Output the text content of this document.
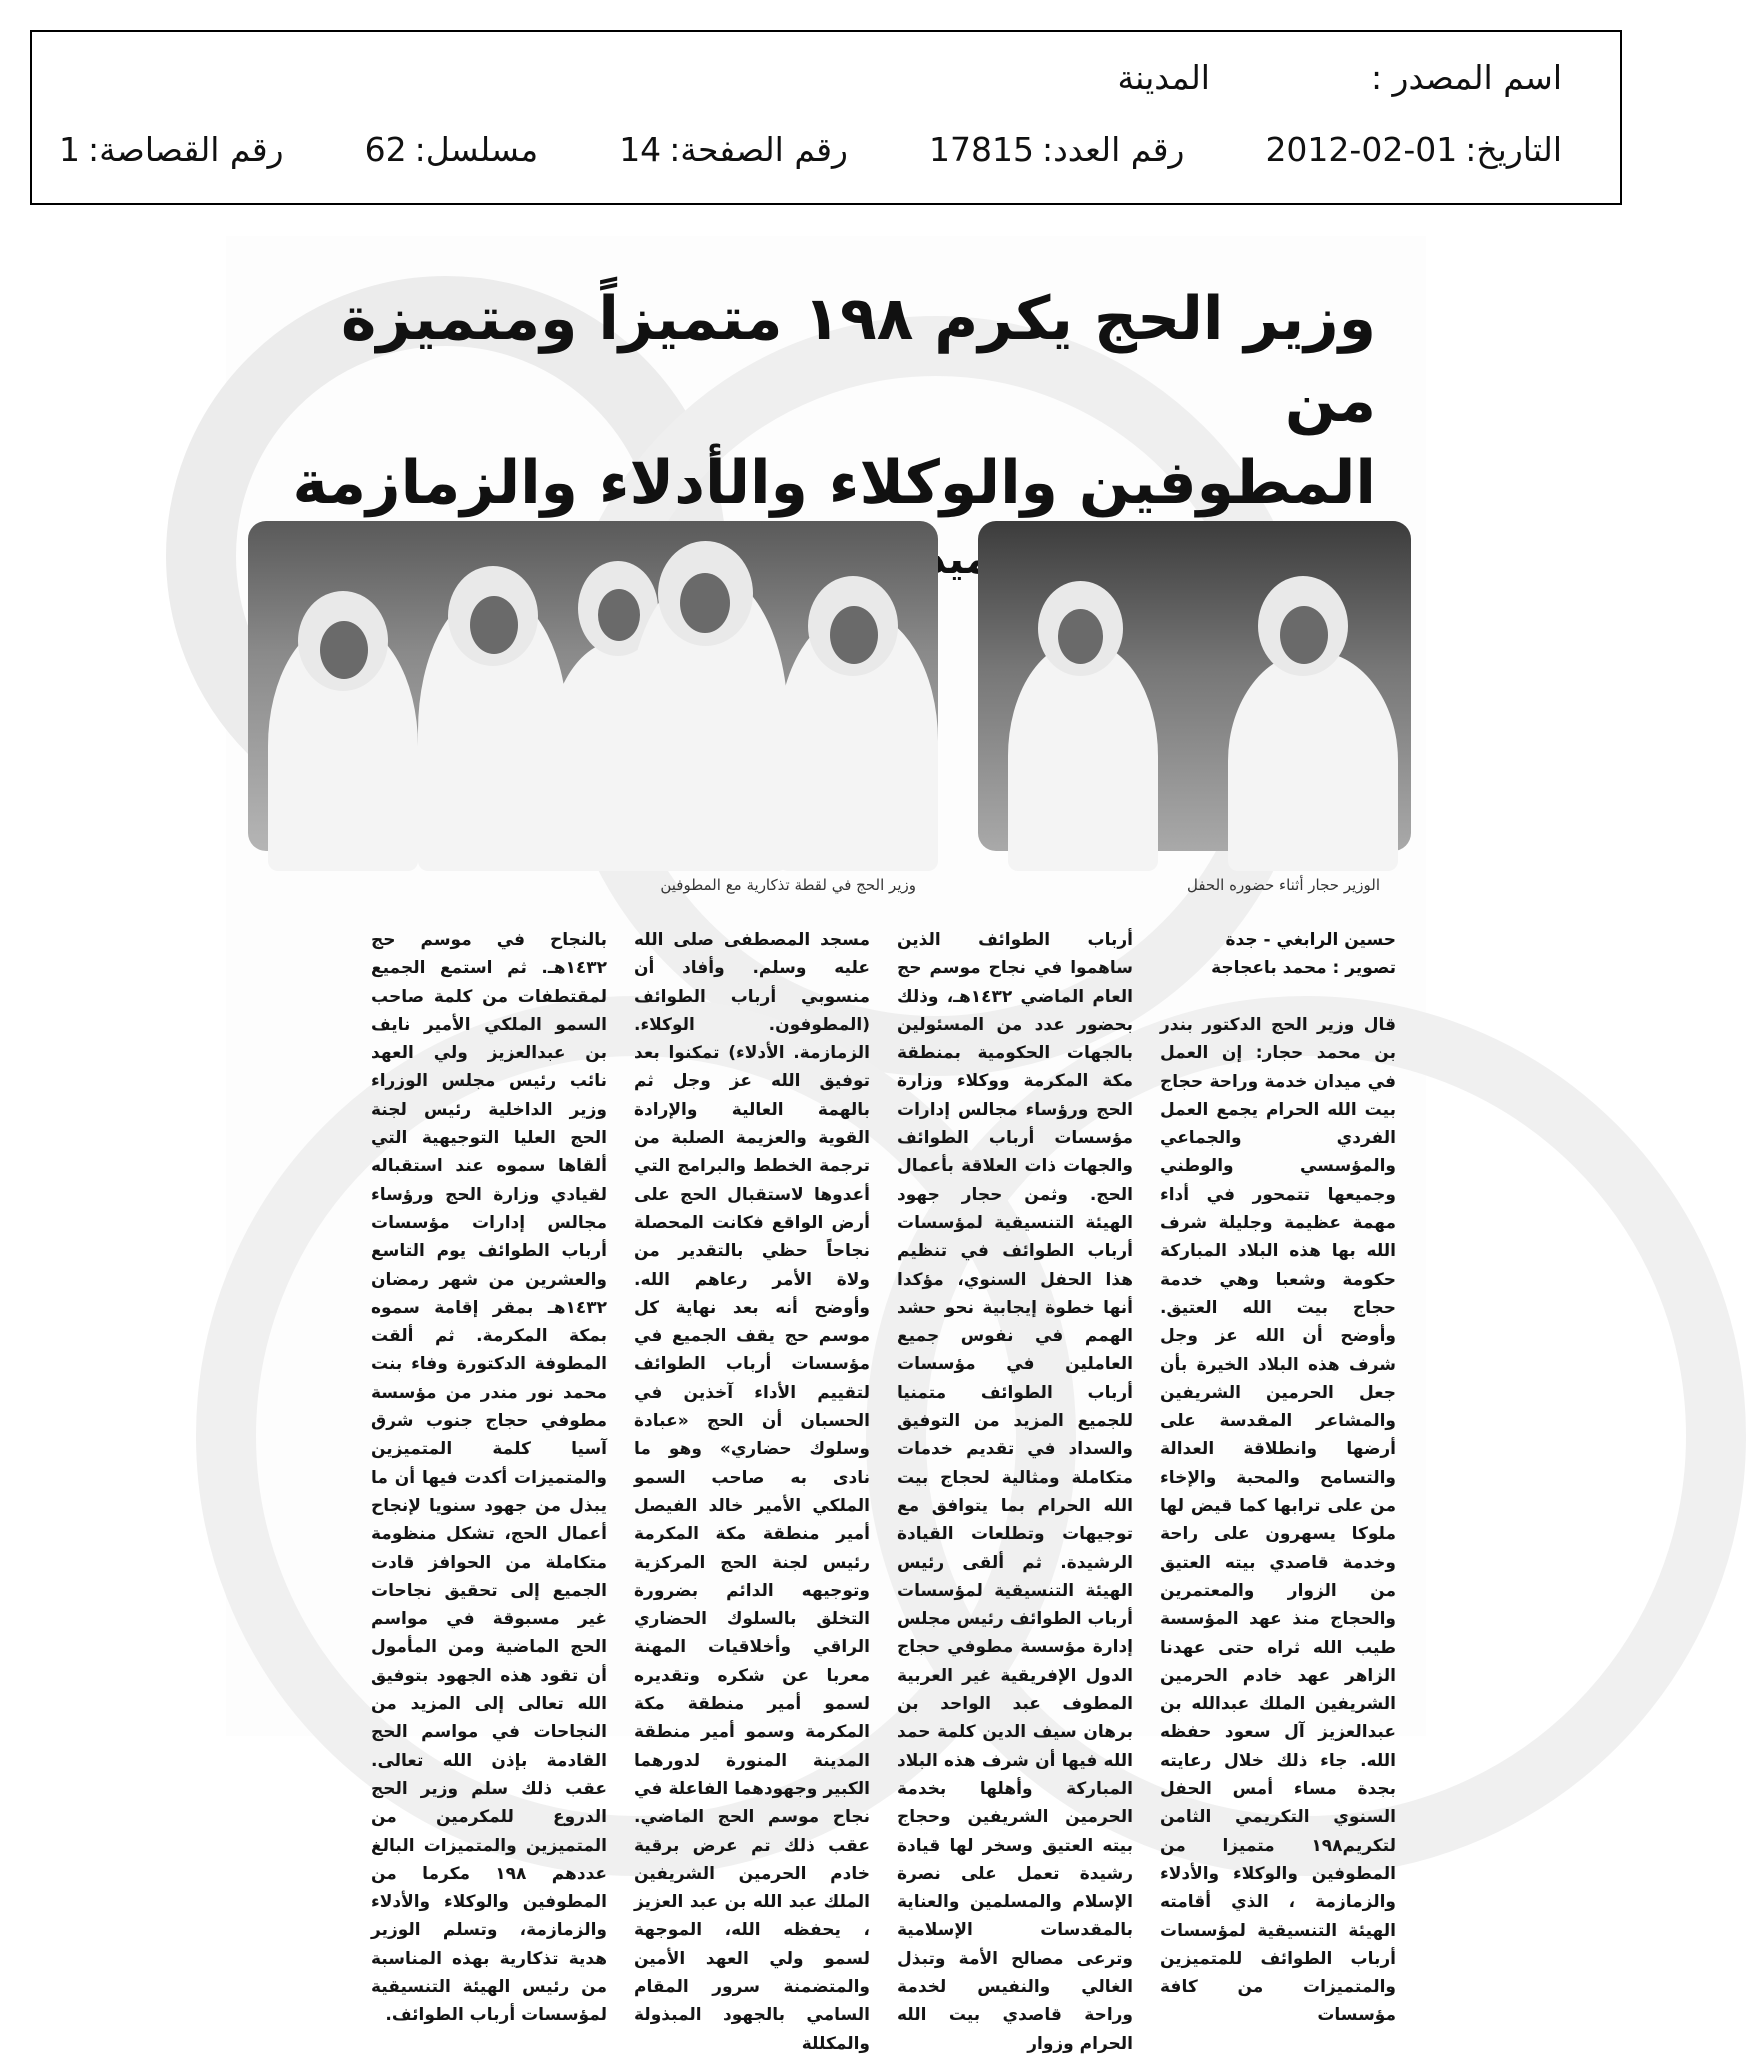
اسم المصدر :  المدينة
التاريخ:2012-02-01  رقم العدد:17815  رقم الصفحة:14  مسلسل:62  رقم القصاصة:1
وزير الحج يكرم ١٩٨ متميزاً ومتميزة من
المطوفين والوكلاء والأدلاء والزمازمة
الوزير حجار أثناء حضوره الحفل
وزير الحج في لقطة تذكارية مع المطوفين
حسين الرابغي - جدة
تصوير : محمد باعجاجة

قال وزير الحج الدكتور بندر بن محمد حجار: إن العمل في ميدان خدمة وراحة حجاج بيت الله الحرام يجمع العمل الفردي والجماعي والمؤسسي والوطني وجميعها تتمحور في أداء مهمة عظيمة وجليلة شرف الله بها هذه البلاد المباركة حكومة وشعبا وهي خدمة حجاج بيت الله العتيق. وأوضح أن الله عز وجل شرف هذه البلاد الخيرة بأن جعل الحرمين الشريفين والمشاعر المقدسة على أرضها وانطلاقة العدالة والتسامح والمحبة والإخاء من على ترابها كما قيض لها ملوكا يسهرون على راحة وخدمة قاصدي بيته العتيق من الزوار والمعتمرين والحجاج منذ عهد المؤسسة طيب الله ثراه حتى عهدنا الزاهر عهد خادم الحرمين الشريفين الملك عبدالله بن عبدالعزيز آل سعود حفظه الله. جاء ذلك خلال رعايته بجدة مساء أمس الحفل السنوي التكريمي الثامن لتكريم١٩٨ متميزا من المطوفين والوكلاء والأدلاء والزمازمة ، الذي أقامته الهيئة التنسيقية لمؤسسات أرباب الطوائف للمتميزين والمتميزات من كافة مؤسسات

أرباب الطوائف الذين ساهموا في نجاح موسم حج العام الماضي ١٤٣٢هـ، وذلك بحضور عدد من المسئولين بالجهات الحكومية بمنطقة مكة المكرمة ووكلاء وزارة الحج ورؤساء مجالس إدارات مؤسسات أرباب الطوائف والجهات ذات العلاقة بأعمال الحج. وثمن حجار جهود الهيئة التنسيقية لمؤسسات أرباب الطوائف في تنظيم هذا الحفل السنوي، مؤكدا أنها خطوة إيجابية نحو حشد الهمم في نفوس جميع العاملين في مؤسسات أرباب الطوائف متمنيا للجميع المزيد من التوفيق والسداد في تقديم خدمات متكاملة ومثالية لحجاج بيت الله الحرام بما يتوافق مع توجيهات وتطلعات القيادة الرشيدة. ثم ألقى رئيس الهيئة التنسيقية لمؤسسات أرباب الطوائف رئيس مجلس إدارة مؤسسة مطوفي حجاج الدول الإفريقية غير العربية المطوف عبد الواحد بن برهان سيف الدين كلمة حمد الله فيها أن شرف هذه البلاد المباركة وأهلها بخدمة الحرمين الشريفين وحجاج بيته العتيق وسخر لها قيادة رشيدة تعمل على نصرة الإسلام والمسلمين والعناية بالمقدسات الإسلامية وترعى مصالح الأمة وتبذل الغالي والنفيس لخدمة وراحة قاصدي بيت الله الحرام وزوار

مسجد المصطفى صلى الله عليه وسلم. وأفاد أن منسوبي أرباب الطوائف (المطوفون. الوكلاء. الزمازمة. الأدلاء) تمكنوا بعد توفيق الله عز وجل ثم بالهمة العالية والإرادة القوية والعزيمة الصلبة من ترجمة الخطط والبرامج التي أعدوها لاستقبال الحج على أرض الواقع فكانت المحصلة نجاحاً حظي بالتقدير من ولاة الأمر رعاهم الله. وأوضح أنه بعد نهاية كل موسم حج يقف الجميع في مؤسسات أرباب الطوائف لتقييم الأداء آخذين في الحسبان أن الحج «عبادة وسلوك حضاري» وهو ما نادى به صاحب السمو الملكي الأمير خالد الفيصل أمير منطقة مكة المكرمة رئيس لجنة الحج المركزية وتوجيهه الدائم بضرورة التخلق بالسلوك الحضاري الراقي وأخلاقيات المهنة معربا عن شكره وتقديره لسمو أمير منطقة مكة المكرمة وسمو أمير منطقة المدينة المنورة لدورهما الكبير وجهودهما الفاعلة في نجاح موسم الحج الماضي. عقب ذلك تم عرض برقية خادم الحرمين الشريفين الملك عبد الله بن عبد العزيز ، يحفظه الله، الموجهة لسمو ولي العهد الأمين والمتضمنة سرور المقام السامي بالجهود المبذولة والمكللة

بالنجاح في موسم حج ١٤٣٢هـ. ثم استمع الجميع لمقتطفات من كلمة صاحب السمو الملكي الأمير نايف بن عبدالعزيز ولي العهد نائب رئيس مجلس الوزراء وزير الداخلية رئيس لجنة الحج العليا التوجيهية التي ألقاها سموه عند استقباله لقيادي وزارة الحج ورؤساء مجالس إدارات مؤسسات أرباب الطوائف يوم التاسع والعشرين من شهر رمضان ١٤٣٢هـ بمقر إقامة سموه بمكة المكرمة. ثم ألقت المطوفة الدكتورة وفاء بنت محمد نور مندر من مؤسسة مطوفي حجاج جنوب شرق آسيا كلمة المتميزين والمتميزات أكدت فيها أن ما يبذل من جهود سنويا لإنجاح أعمال الحج، تشكل منظومة متكاملة من الحوافز قادت الجميع إلى تحقيق نجاحات غير مسبوقة في مواسم الحج الماضية ومن المأمول أن تقود هذه الجهود بتوفيق الله تعالى إلى المزيد من النجاحات في مواسم الحج القادمة بإذن الله تعالى. عقب ذلك سلم وزير الحج الدروع للمكرمين من المتميزين والمتميزات البالغ عددهم ١٩٨ مكرما من المطوفين والوكلاء والأدلاء والزمازمة، وتسلم الوزير هدية تذكارية بهذه المناسبة من رئيس الهيئة التنسيقية لمؤسسات أرباب الطوائف.
